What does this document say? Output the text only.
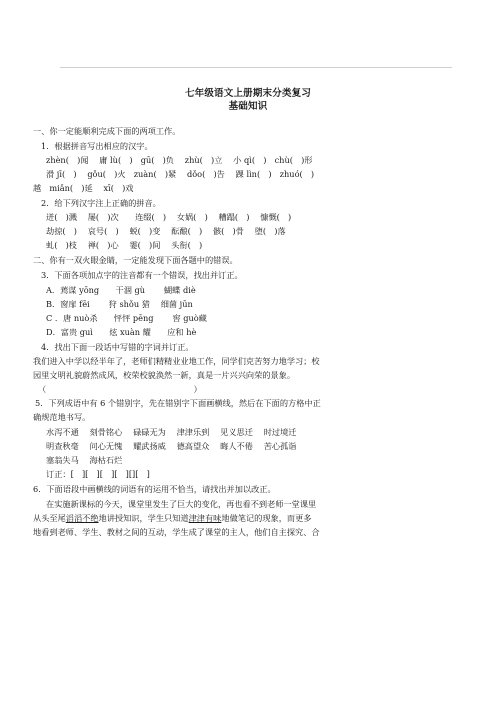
七年级语文上册期末分类复习
基础知识
一、你一定能顺利完成下面的两项工作。
1．根据拼音写出相应的汉字。
zhèn(　)闻　 庸 lù(　)　gū(　)负　 zhù(　)立　 小 qì(　)　chù(　)形
滑 jī(　)　 gǒu(　)火　zuàn(　)紧　 dǒo(　)告　 踝 lìn(　)　zhuó(　)
越　miǎn(　)延　 xī(　)戏
2．给下列汉字注上正确的拼音。
迸(　)溅　 屡(　)次　　连缀(　)　 女娲(　)　 糟蹋(　)　 慷慨(　)
劫掠(　)　 哀号(　)　 蜕(　)变　 酝酿(　)　 骸(　)骨　 堕(　)落
虬(　)枝　 禅(　)心　 霎(　)间　 头衔(　)
二、你有一双火眼金睛，一定能发现下面各题中的错误。
3．下面各项加点字的注音都有一个错误，找出并订正。
A．蔫谋 yōng　　干涸 gù　　 蝴蝶 diè
B．窗扉 fēi　　 狩 shǒu 猎　 细菌 jūn
C ．唐 nuò杀　　怦怦 pēng　　 窖 guò藏
D．富贵 guì　　炫 xuàn 耀　　应和 hè
4．找出下面一段话中写错的字词并订正。
我们进入中学以经半年了，老师们精精业业地工作，同学们克苦努力地学习；校
园里文明礼貌蔚然成风，校荣校貌涣然一新，真是一片兴兴向荣的景象。
（　　　　　　　　　　　　　　　　　　）
5．下列成语中有 6 个错别字，先在错别字下面画横线，然后在下面的方格中正
确规范地书写。
水泻不通　 刻骨铭心　 碌碌无为　 津津乐到　 见义思迁　 时过境迁
明查秋毫　 问心无愧　 耀武扬威　 德高望众　 晦人不倦　 苦心孤诣
塞翁失马　 海枯石烂
订正：[　][　][　][　][][　]
6．下面语段中画横线的词语有的运用不恰当，请找出并加以改正。
在实施新课标的今天，课堂里发生了巨大的变化，再也看不到老师一堂课里
从头至尾滔滔不绝地讲授知识，学生只知道津津有味地做笔记的现象，而更多
地看到老师、学生、教材之间的互动，学生成了课堂的主人，他们自主探究、合
